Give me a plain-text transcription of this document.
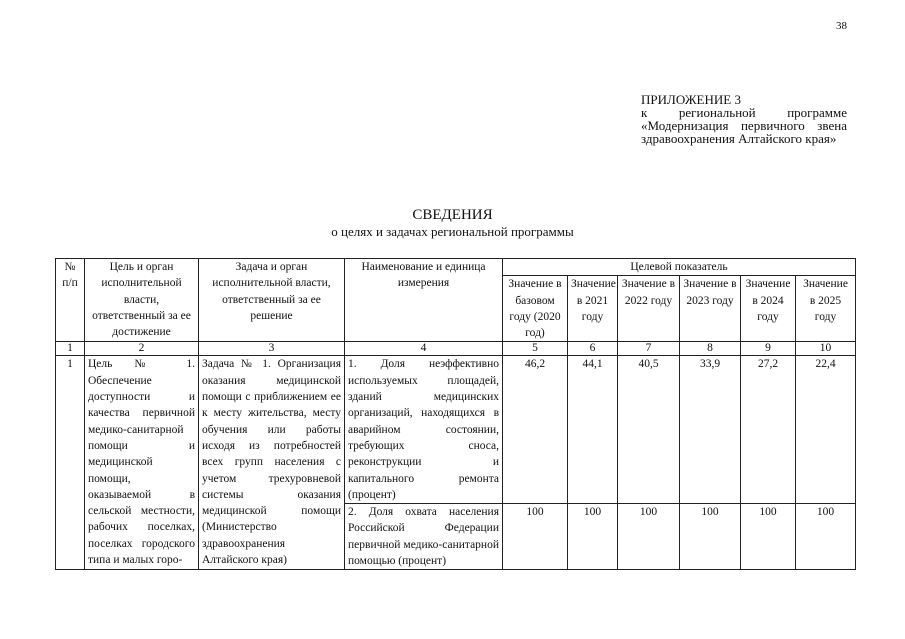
38
ПРИЛОЖЕНИЕ 3
к региональной программе «Модернизация первичного звена здравоохранения Алтайского края»
СВЕДЕНИЯ
о целях и задачах региональной программы
№ п/п	Цель и орган исполнительной власти, ответственный за ее достижение	Задача и орган исполнительной власти, ответственный за ее решение	Наименование и единица измерения	Целевой показатель					
				Значение в базовом году (2020 год)	Значение в 2021 году	Значение в 2022 году	Значение в 2023 году	Значение в 2024 году	Значение в 2025 году
1	2	3	4	5	6	7	8	9	10
1	Цель № 1. Обеспечение доступности и качества первичной медико-санитарной помощи и медицинской помощи, оказываемой в сельской местности, рабочих поселках, поселках городского типа и малых горо-	Задача № 1. Организация оказания медицинской помощи с приближением ее к месту жительства, месту обучения или работы исходя из потребностей всех групп населения с учетом трехуровневой системы оказания медицинской помощи (Министерство здравоохранения Алтайского края)	1. Доля неэффективно используемых площадей, зданий медицинских организаций, находящихся в аварийном состоянии, требующих сноса, реконструкции и капитального ремонта (процент)	46,2	44,1	40,5	33,9	27,2	22,4
			2. Доля охвата населения Российской Федерации первичной медико-санитарной помощью (процент)	100	100	100	100	100	100
